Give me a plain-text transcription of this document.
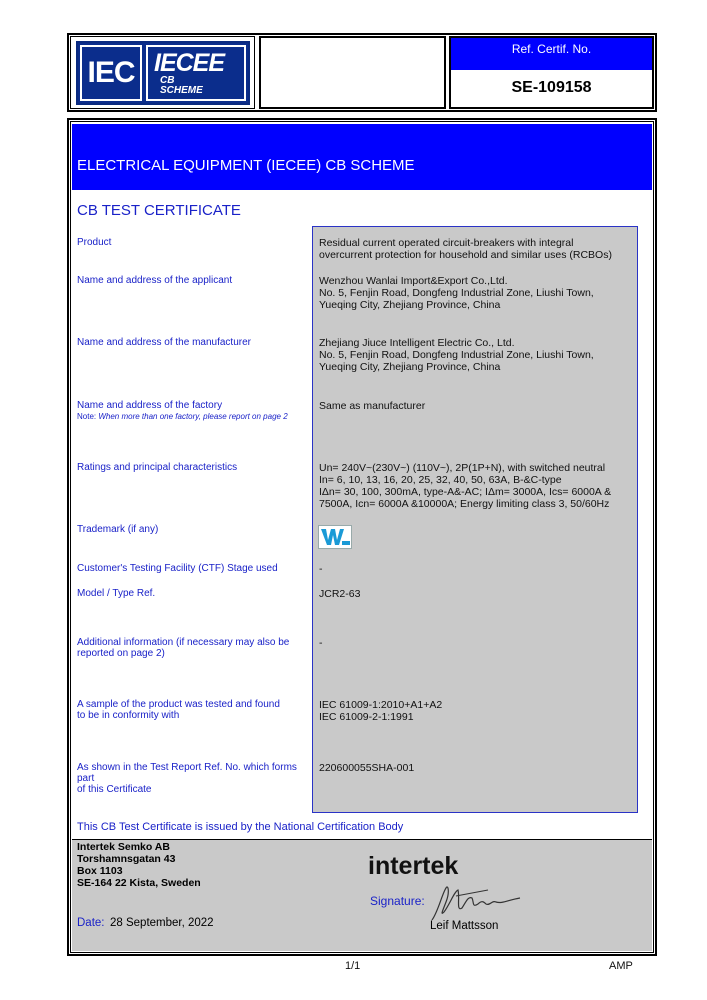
IEC IECEE
CB
SCHEME
Ref. Certif. No.
SE-109158
ELECTRICAL EQUIPMENT (IECEE) CB SCHEME
CB TEST CERTIFICATE
Product
Name and address of the applicant
Name and address of the manufacturer
Name and address of the factory
Note: When more than one factory, please report on page 2
Ratings and principal characteristics
Trademark (if any)
Customer's Testing Facility (CTF) Stage used
Model / Type Ref.
Additional information (if necessary may also be
reported on page 2)
A sample of the product was tested and found
to be in conformity with
As shown in the Test Report Ref. No. which forms part
of this Certificate
Residual current operated circuit-breakers with integral
overcurrent protection for household and similar uses (RCBOs)
Wenzhou Wanlai Import&Export Co.,Ltd.
No. 5, Fenjin Road, Dongfeng Industrial Zone, Liushi Town,
Yueqing City, Zhejiang Province, China
Zhejiang Jiuce Intelligent Electric Co., Ltd.
No. 5, Fenjin Road, Dongfeng Industrial Zone, Liushi Town,
Yueqing City, Zhejiang Province, China
Same as manufacturer
Un= 240V~(230V~) (110V~), 2P(1P+N), with switched neutral
In= 6, 10, 13, 16, 20, 25, 32, 40, 50, 63A, B-&C-type
IΔn= 30, 100, 300mA, type-A&-AC; IΔm= 3000A, Ics= 6000A &
7500A, Icn= 6000A &10000A; Energy limiting class 3, 50/60Hz
-
JCR2-63
-
IEC 61009-1:2010+A1+A2
IEC 61009-2-1:1991
220600055SHA-001
This CB Test Certificate is issued by the National Certification Body
Intertek Semko AB
Torshamnsgatan 43
Box 1103
SE-164 22 Kista, Sweden
intertek
Signature:
Leif Mattsson
Date: 28 September, 2022
1/1	AMP
